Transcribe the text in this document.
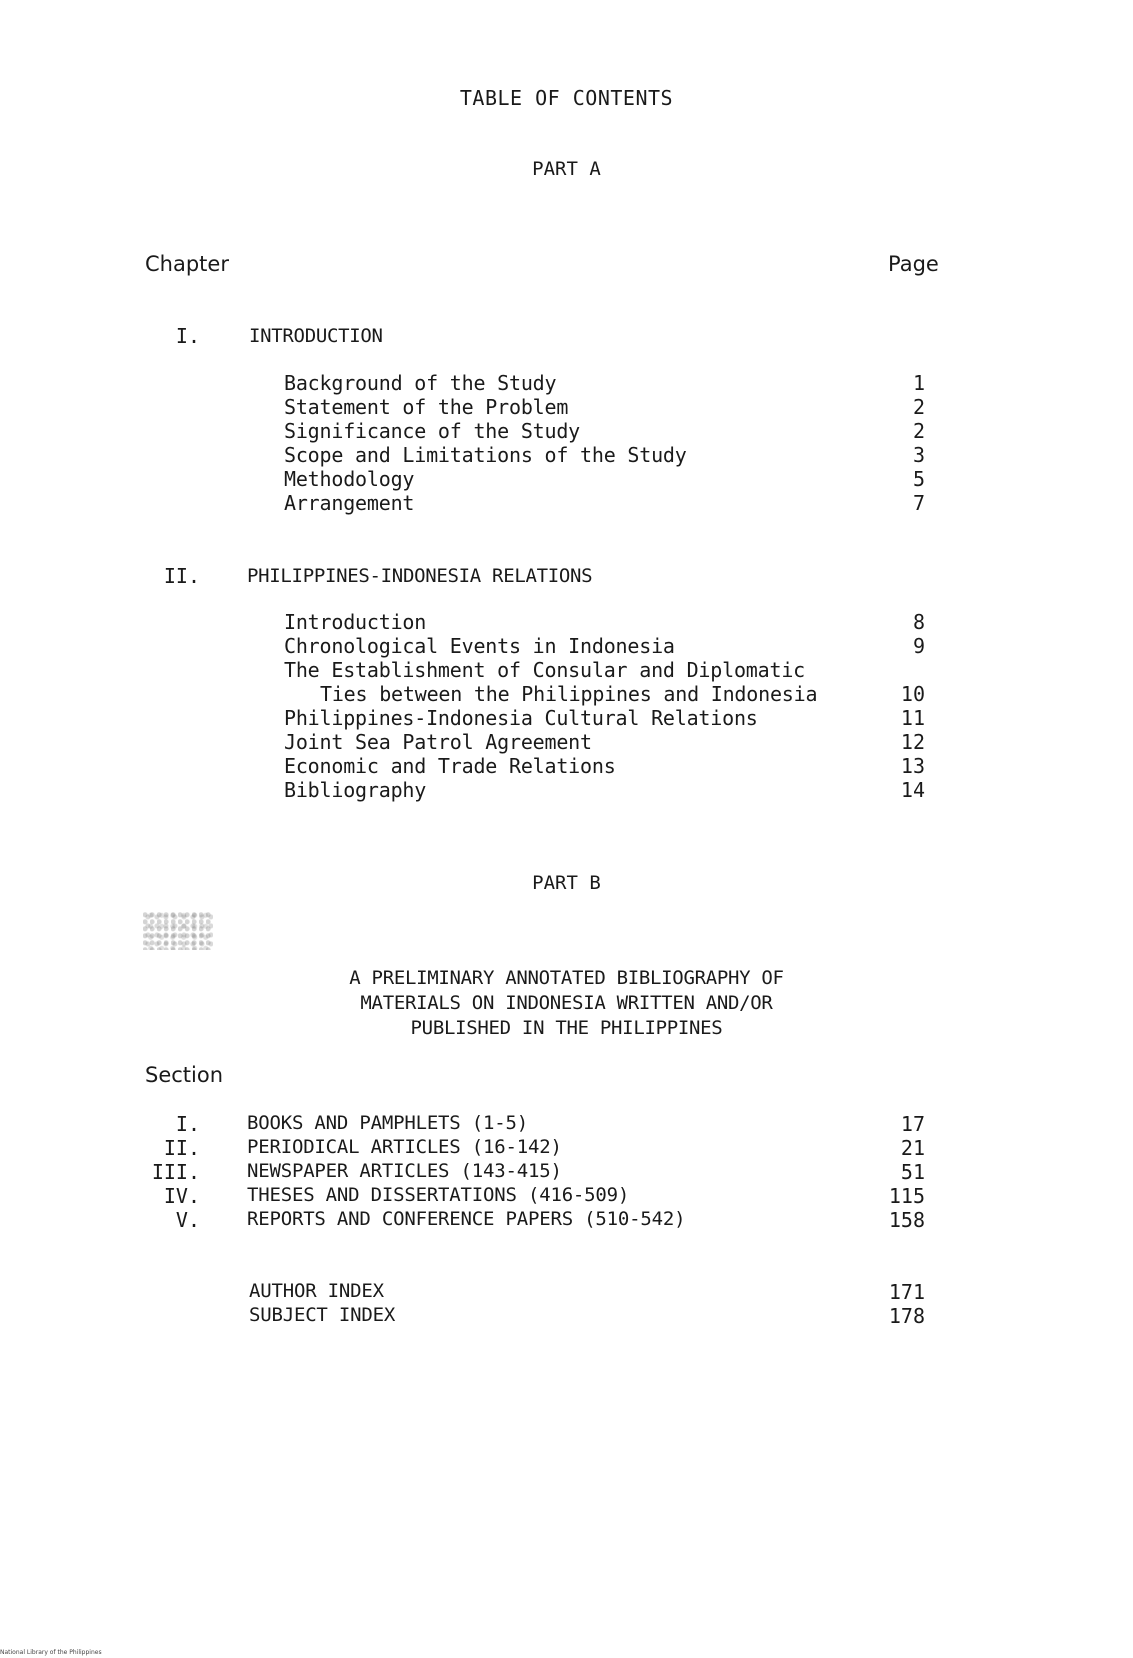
TABLE OF CONTENTS
PART A
Chapter	Page
I.	INTRODUCTION
Background of the Study	1
Statement of the Problem	2
Significance of the Study	2
Scope and Limitations of the Study	3
Methodology	5
Arrangement	7
II. PHILIPPINES-INDONESIA RELATIONS
Introduction	8
Chronological Events in Indonesia	9
The Establishment of Consular and Diplomatic
Ties between the Philippines and Indonesia	10
Philippines-Indonesia Cultural Relations	11
Joint Sea Patrol Agreement	12
Economic and Trade Relations	13
Bibliography	14
PART B
A PRELIMINARY ANNOTATED BIBLIOGRAPHY OF
MATERIALS ON INDONESIA WRITTEN AND/OR
PUBLISHED IN THE PHILIPPINES
Section
I. BOOKS AND PAMPHLETS (1-5)	17
II. PERIODICAL ARTICLES (16-142)	21
III. NEWSPAPER ARTICLES (143-415)	51
IV. THESES AND DISSERTATIONS (416-509)	115
V. REPORTS AND CONFERENCE PAPERS (510-542)	158
AUTHOR INDEX	171
SUBJECT INDEX	178
National Library of the Philippines
